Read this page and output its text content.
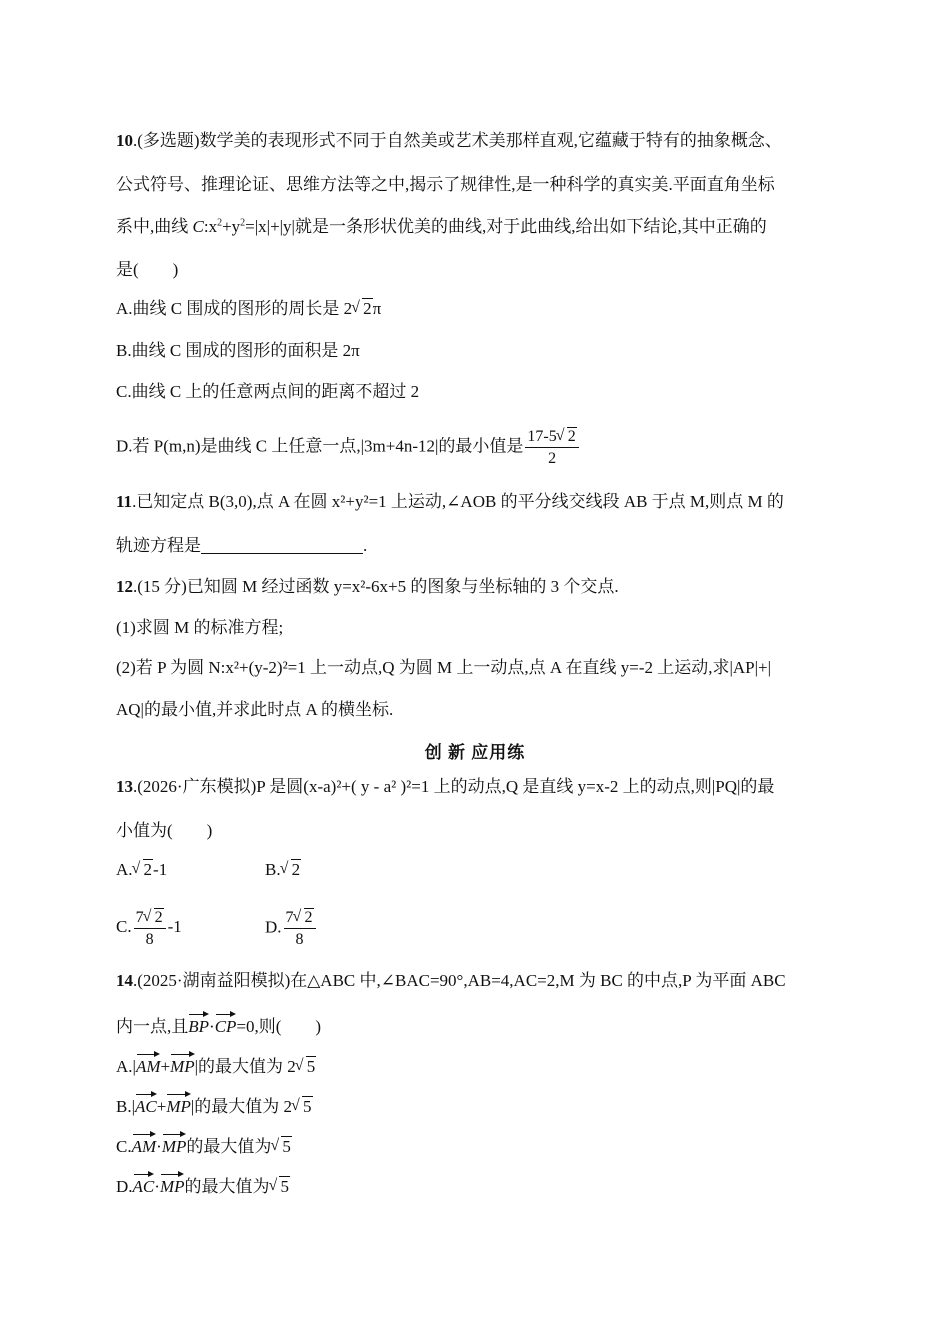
10.(多选题)数学美的表现形式不同于自然美或艺术美那样直观,它蕴藏于特有的抽象概念、
公式符号、推理论证、思维方法等之中,揭示了规律性,是一种科学的真实美.平面直角坐标
系中,曲线 $C:x^2+y^2=|x|+|y|$就是一条形状优美的曲线,对于此曲线,给出如下结论,其中正确的
是(　　)
A.曲线 C 围成的图形的周长是 2 √ 2π
B.曲线 C 围成的图形的面积是 2π
C.曲线 C 上的任意两点间的距离不超过 2
D.若 P(m,n)是曲线 C 上任意一点,|3m+4n-12|的最小值是 $\frac{17-5 √ 2}{2}$
11.已知定点 B(3,0),点 A 在圆 x²+y²=1 上运动,∠AOB 的平分线交线段 AB 于点 M,则点 M 的
轨迹方程是	.
12.(15 分)已知圆 M 经过函数 y=x²-6x+5 的图象与坐标轴的 3 个交点.
(1)求圆 M 的标准方程;
(2)若 P 为圆 N:x²+(y-2)²=1 上一动点,Q 为圆 M 上一动点,点 A 在直线 y=-2 上运动,求|AP|+|
AQ|的最小值,并求此时点 A 的横坐标.
创 新 应用练
13.(2026·广东模拟)P 是圆(x-a)²+( y - a² )²=1 上的动点,Q 是直线 y=x-2 上的动点,则|PQ|的最
小值为(　　)
A. √ 2-1	B. √ 2
C. $\frac{7 √ 2}{8} -1$	D. $\frac{7 √ 2}{8}$
14.(2025·湖南益阳模拟)在△ABC 中,∠BAC=90°,AB=4,AC=2,M 为 BC 的中点,P 为平面 ABC
内一点,且BP·CP=0,则(　　)
A.|AM+MP|的最大值为 2 √ 5
B.|AC+MP|的最大值为 2 √ 5
C.AM·MP的最大值为 √ 5
D.AC·MP的最大值为 √ 5
